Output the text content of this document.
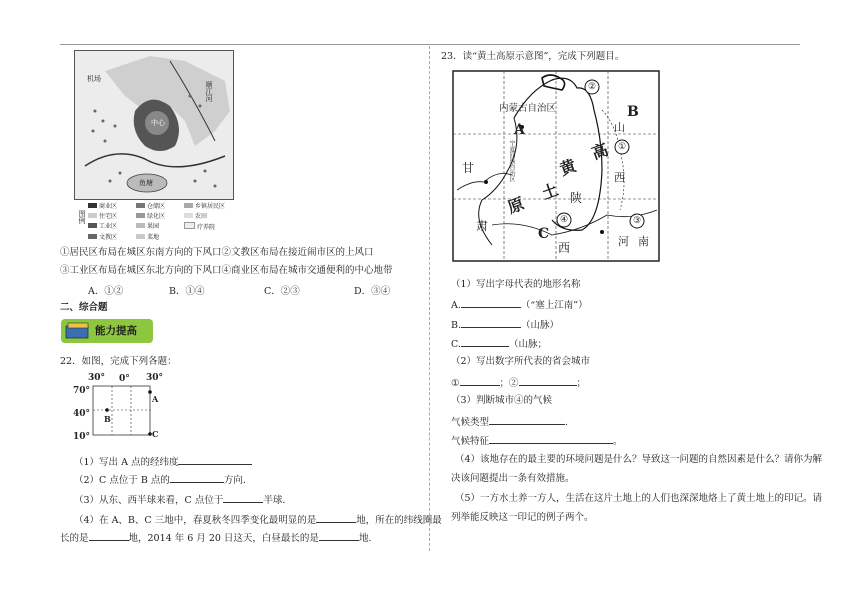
机场
顺江河
中心
鱼塘
图例
商业区	仓储区	乡镇居民区
住宅区	绿化区	农田
工业区	果园	疗养院
文教区	菜地
①居民区布局在城区东南方向的下风口②文教区布局在接近闹市区的上风口
③工业区布局在城区东北方向的下风口④商业区布局在城市交通便利的中心地带
A．①②	B．①④	C．②③	D．③④
二、综合题
能力提高
22．如图，完成下列各题：
30° 0° 30°
70°
40°
10°
A
B
C
（1）写出 A 点的经纬度
（2）C 点位于 B 点的	方向.
（3）从东、西半球来看，C 点位于	半球.
（4）在 A、B、C 三地中，春夏秋冬四季变化最明显的是	地，所在的纬线圈最
长的是	地，2014 年 6 月 20 日这天，白昼最长的是	地.
23．读“黄土高原示意图”，完成下列题目。
内蒙古自治区
宁夏回族自治区
山
西
甘
肃
陕
西	河 南
A
B
C
①
②
③
④
黄
土
高
原
（1）写出字母代表的地形名称
A.	（“塞上江南”）
B.	（山脉）
C.	（山脉；
（2）写出数字所代表的省会城市
①	；②	；
（3）判断城市④的气候
气候类型	.
气候特征	。
（4）该地存在的最主要的环境问题是什么？导致这一问题的自然因素是什么？请你为解
决该问题提出一条有效措施。
（5）一方水土养一方人，生活在这片土地上的人们也深深地烙上了黄土地上的印记。请
列举能反映这一印记的例子两个。
